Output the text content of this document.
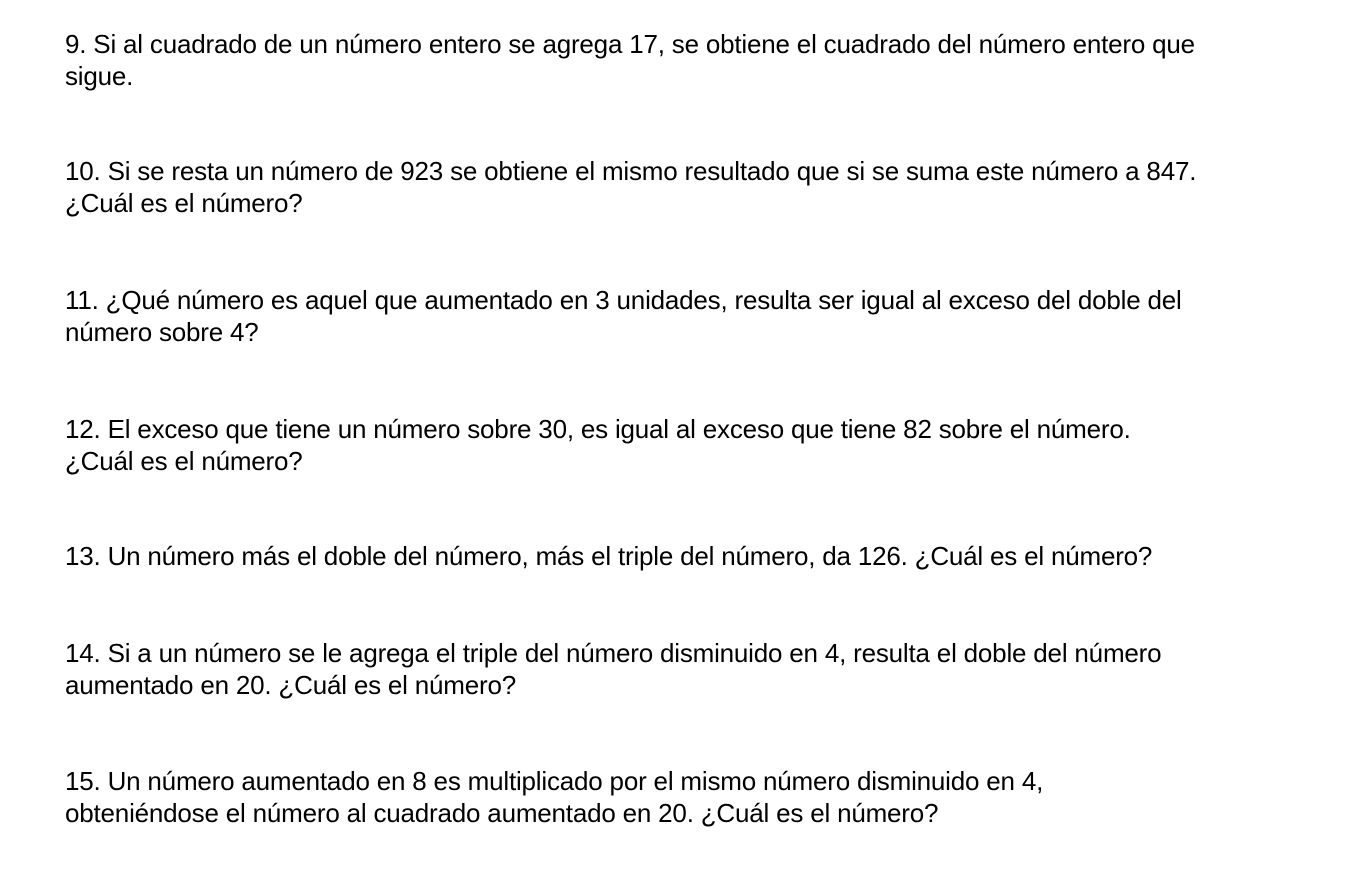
9. Si al cuadrado de un número entero se agrega 17, se obtiene el cuadrado del número entero que
sigue.

10. Si se resta un número de 923 se obtiene el mismo resultado que si se suma este número a 847.
¿Cuál es el número?

11. ¿Qué número es aquel que aumentado en 3 unidades, resulta ser igual al exceso del doble del
número sobre 4?

12. El exceso que tiene un número sobre 30, es igual al exceso que tiene 82 sobre el número.
¿Cuál es el número?

13. Un número más el doble del número, más el triple del número, da 126. ¿Cuál es el número?

14. Si a un número se le agrega el triple del número disminuido en 4, resulta el doble del número
aumentado en 20. ¿Cuál es el número?

15. Un número aumentado en 8 es multiplicado por el mismo número disminuido en 4,
obteniéndose el número al cuadrado aumentado en 20. ¿Cuál es el número?
